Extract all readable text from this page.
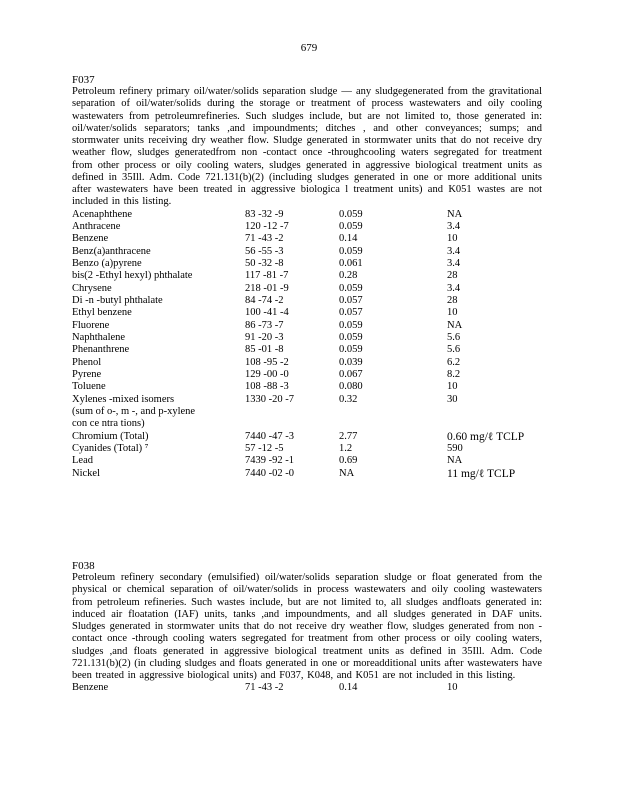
679
F037
Petroleum refinery primary oil/water/solids separation sludge — any sludgegenerated from the gravitational separation of oil/water/solids during the storage or treatment of process wastewaters and oily cooling wastewaters from petroleumrefineries. Such sludges include, but are not limited to, those generated in: oil/water/solids separators; tanks ,and impoundments; ditches , and other conveyances; sumps; and stormwater units receiving dry weather flow. Sludge generated in stormwater units that do not receive dry weather flow, sludges generatedfrom non -contact once -throughcooling waters segregated for treatment from other process or oily cooling waters, sludges generated in aggressive biological treatment units as defined in 35Ill. Adm. Code 721.131(b)(2) (including sludges generated in one or more additional units after wastewaters have been treated in aggressive biologica l treatment units) and K051 wastes are not included in this listing.
Acenaphthene	83 -32 -9	0.059	NA
Anthracene	120 -12 -7	0.059	3.4
Benzene	71 -43 -2	0.14	10
Benz(a)anthracene	56 -55 -3	0.059	3.4
Benzo (a)pyrene	50 -32 -8	0.061	3.4
bis(2 -Ethyl hexyl) phthalate	117 -81 -7	0.28	28
Chrysene	218 -01 -9	0.059	3.4
Di -n -butyl phthalate	84 -74 -2	0.057	28
Ethyl benzene	100 -41 -4	0.057	10
Fluorene	86 -73 -7	0.059	NA
Naphthalene	91 -20 -3	0.059	5.6
Phenanthrene	85 -01 -8	0.059	5.6
Phenol	108 -95 -2	0.039	6.2
Pyrene	129 -00 -0	0.067	8.2
Toluene	108 -88 -3	0.080	10
Xylenes -mixed isomers	1330 -20 -7	0.32	30
(sum of o-, m -, and p-xylene			
con ce ntra tions)			
Chromium (Total)	7440 -47 -3	2.77	0.60 mg/ℓ TCLP
Cyanides (Total) ⁷	57 -12 -5	1.2	590
Lead	7439 -92 -1	0.69	NA
Nickel	7440 -02 -0	NA	11 mg/ℓ TCLP
F038
Petroleum refinery secondary (emulsified) oil/water/solids separation sludge or float generated from the physical or chemical separation of oil/water/solids in process wastewaters and oily cooling wastewaters from petroleum refineries. Such wastes include, but are not limited to, all sludges andfloats generated in: induced air floatation (IAF) units, tanks ,and impoundments, and all sludges generated in DAF units. Sludges generated in stormwater units that do not receive dry weather flow, sludges generated from non -contact once -through cooling waters segregated for treatment from other process or oily cooling waters, sludges ,and floats generated in aggressive biological treatment units as defined in 35Ill. Adm. Code 721.131(b)(2) (in cluding sludges and floats generated in one or moreadditional units after wastewaters have been treated in aggressive biological units) and F037, K048, and K051 are not included in this listing.
Benzene	71 -43 -2	0.14	10
